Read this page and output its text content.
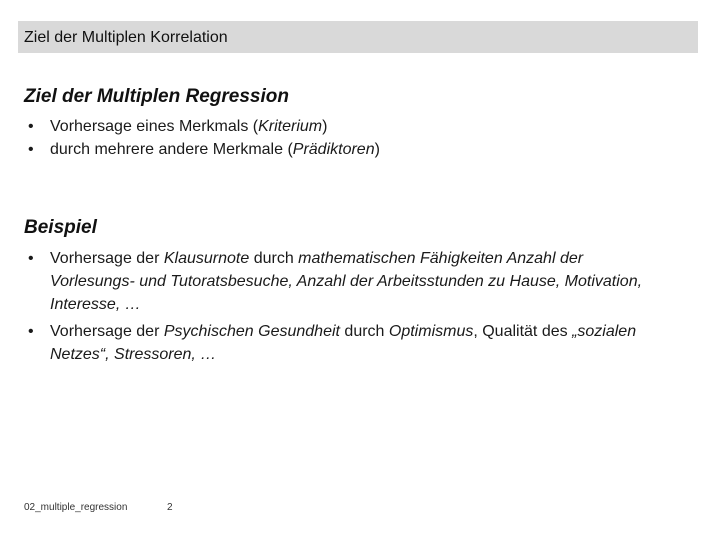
Ziel der Multiplen Korrelation
Ziel der Multiplen Regression
• Vorhersage eines Merkmals (Kriterium)
• durch mehrere andere Merkmale (Prädiktoren)
Beispiel
• Vorhersage der Klausurnote durch mathematischen Fähigkeiten Anzahl der Vorlesungs- und Tutoratsbesuche, Anzahl der Arbeitsstunden zu Hause, Motivation, Interesse, …
• Vorhersage der Psychischen Gesundheit durch Optimismus, Qualität des „sozialen Netzes“, Stressoren, …
02_multiple_regression	2
